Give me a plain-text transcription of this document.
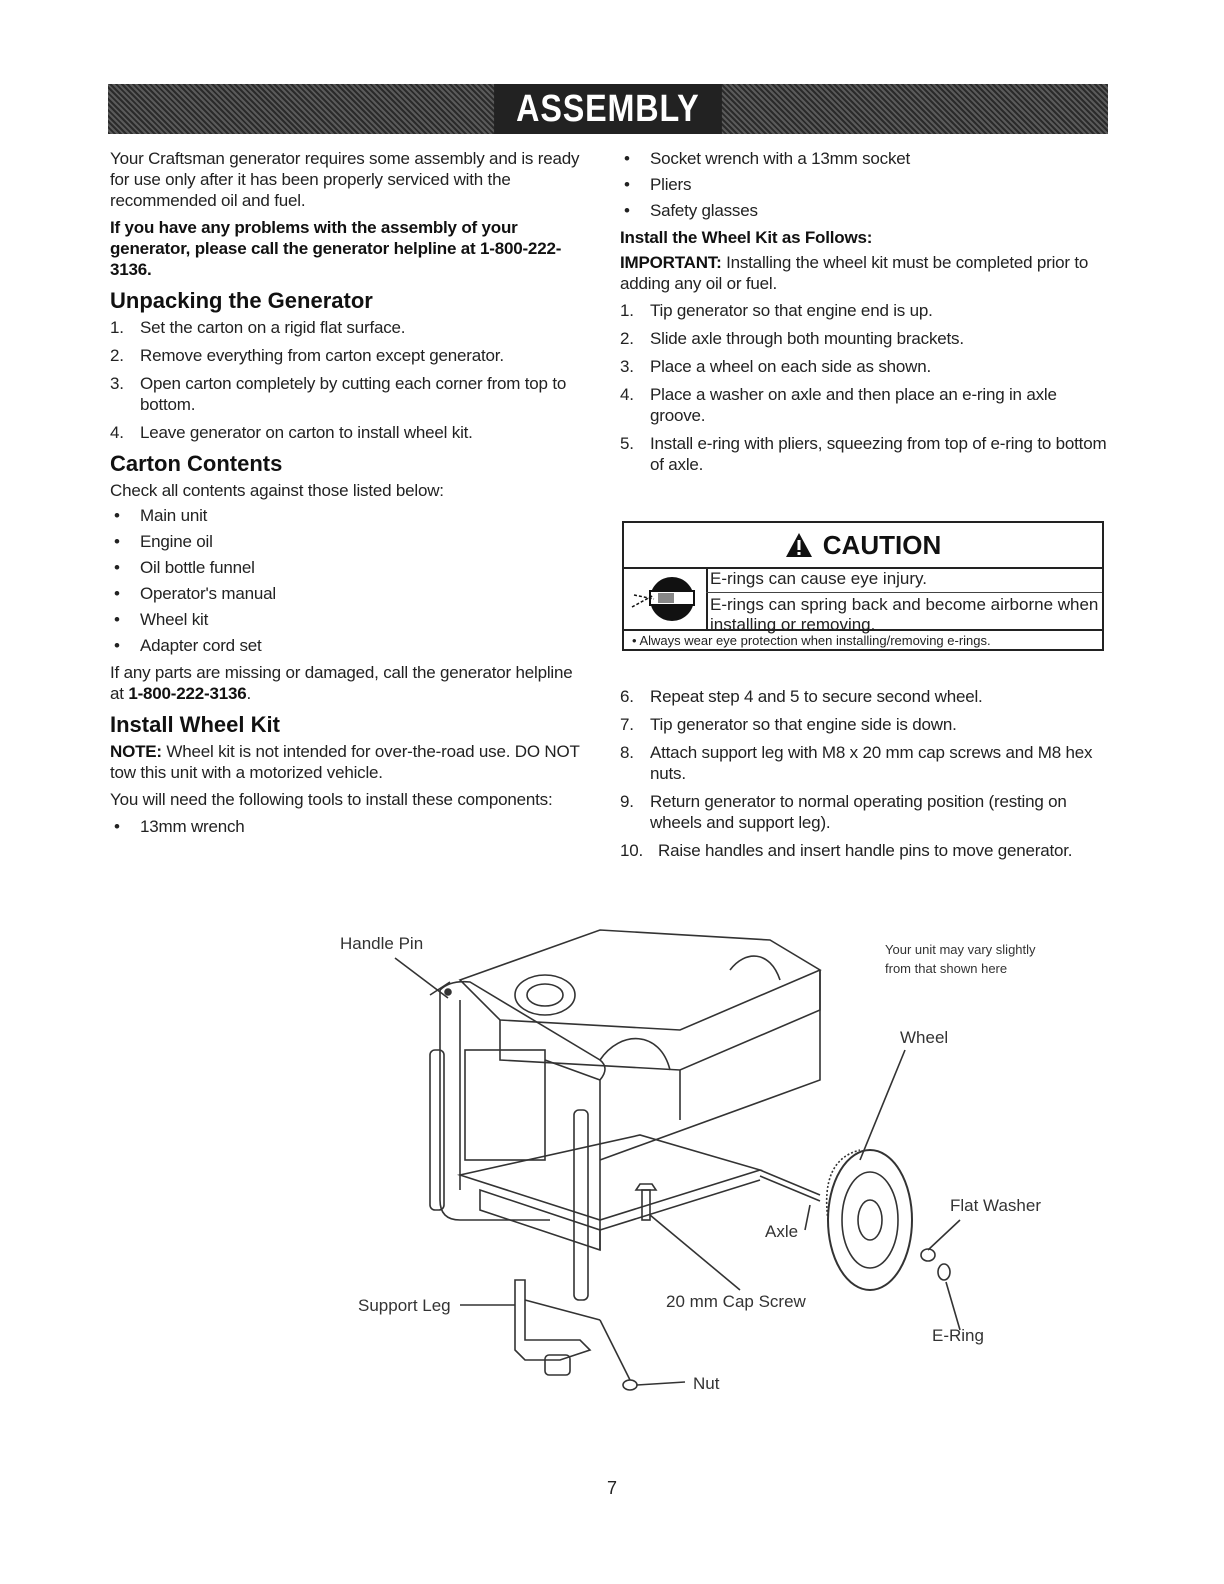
ASSEMBLY

Your Craftsman generator requires some assembly and is ready for use only after it has been properly serviced with the recommended oil and fuel.

If you have any problems with the assembly of your generator, please call the generator helpline at 1-800-222-3136.

Unpacking the Generator
1. Set the carton on a rigid flat surface.
2. Remove everything from carton except generator.
3. Open carton completely by cutting each corner from top to bottom.
4. Leave generator on carton to install wheel kit.
Carton Contents

Check all contents against those listed below:

• Main unit
• Engine oil
• Oil bottle funnel
• Operator's manual
• Wheel kit
• Adapter cord set

If any parts are missing or damaged, call the generator helpline at 1-800-222-3136.

Install Wheel Kit

NOTE: Wheel kit is not intended for over-the-road use. DO NOT tow this unit with a motorized vehicle.

You will need the following tools to install these components:

• 13mm wrench
• Socket wrench with a 13mm socket
• Pliers
• Safety glasses
Install the Wheel Kit as Follows:

IMPORTANT: Installing the wheel kit must be completed prior to adding any oil or fuel.

1. Tip generator so that engine end is up.
2. Slide axle through both mounting brackets.
3. Place a wheel on each side as shown.
4. Place a washer on axle and then place an e-ring in axle groove.
5. Install e-ring with pliers, squeezing from top of e-ring to bottom of axle.
CAUTION
E-rings can cause eye injury.
E-rings can spring back and become airborne when installing or removing.
• Always wear eye protection when installing/removing e-rings.
6. Repeat step 4 and 5 to secure second wheel.
7. Tip generator so that engine side is down.
8. Attach support leg with M8 x 20 mm cap screws and M8 hex nuts.
9. Return generator to normal operating position (resting on wheels and support leg).
10. Raise handles and insert handle pins to move generator.
Handle Pin	Your unit may vary slightly from that shown here
Wheel
Flat Washer
Axle
20 mm Cap Screw
E-Ring
Support Leg
Nut
7
